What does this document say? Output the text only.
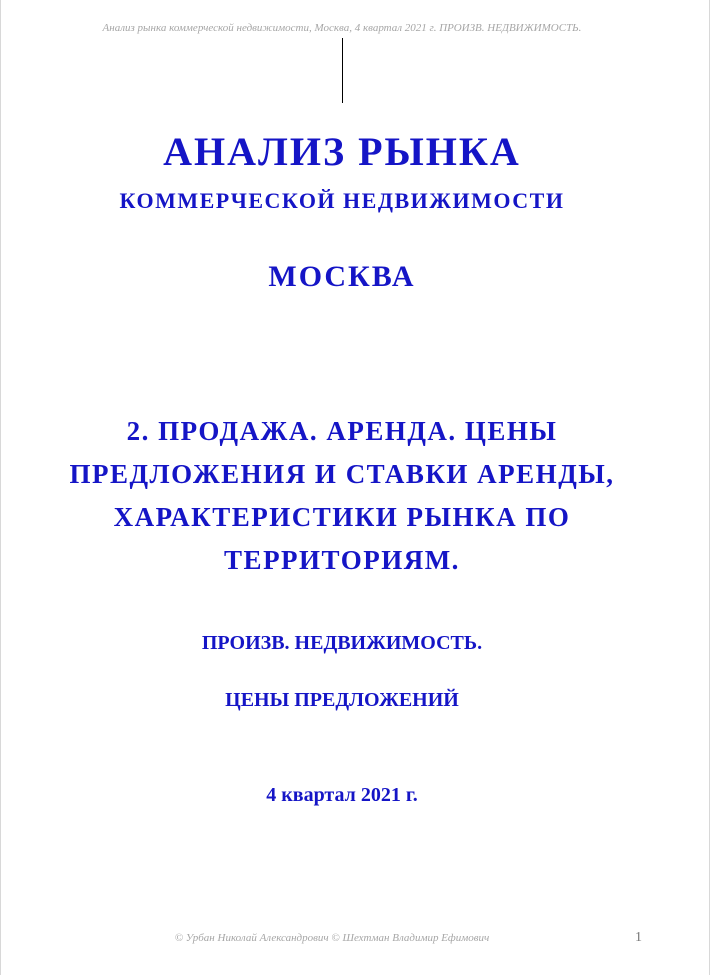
Анализ рынка коммерческой недвижимости, Москва, 4 квартал 2021 г. ПРОИЗВ. НЕДВИЖИМОСТЬ.
АНАЛИЗ РЫНКА
КОММЕРЧЕСКОЙ НЕДВИЖИМОСТИ
МОСКВА
2. ПРОДАЖА. АРЕНДА. ЦЕНЫ
ПРЕДЛОЖЕНИЯ И СТАВКИ АРЕНДЫ,
ХАРАКТЕРИСТИКИ РЫНКА ПО
ТЕРРИТОРИЯМ.
ПРОИЗВ. НЕДВИЖИМОСТЬ.
ЦЕНЫ ПРЕДЛОЖЕНИЙ
4 квартал 2021 г.
© Урбан Николай Александрович © Шехтман Владимир Ефимович	1
